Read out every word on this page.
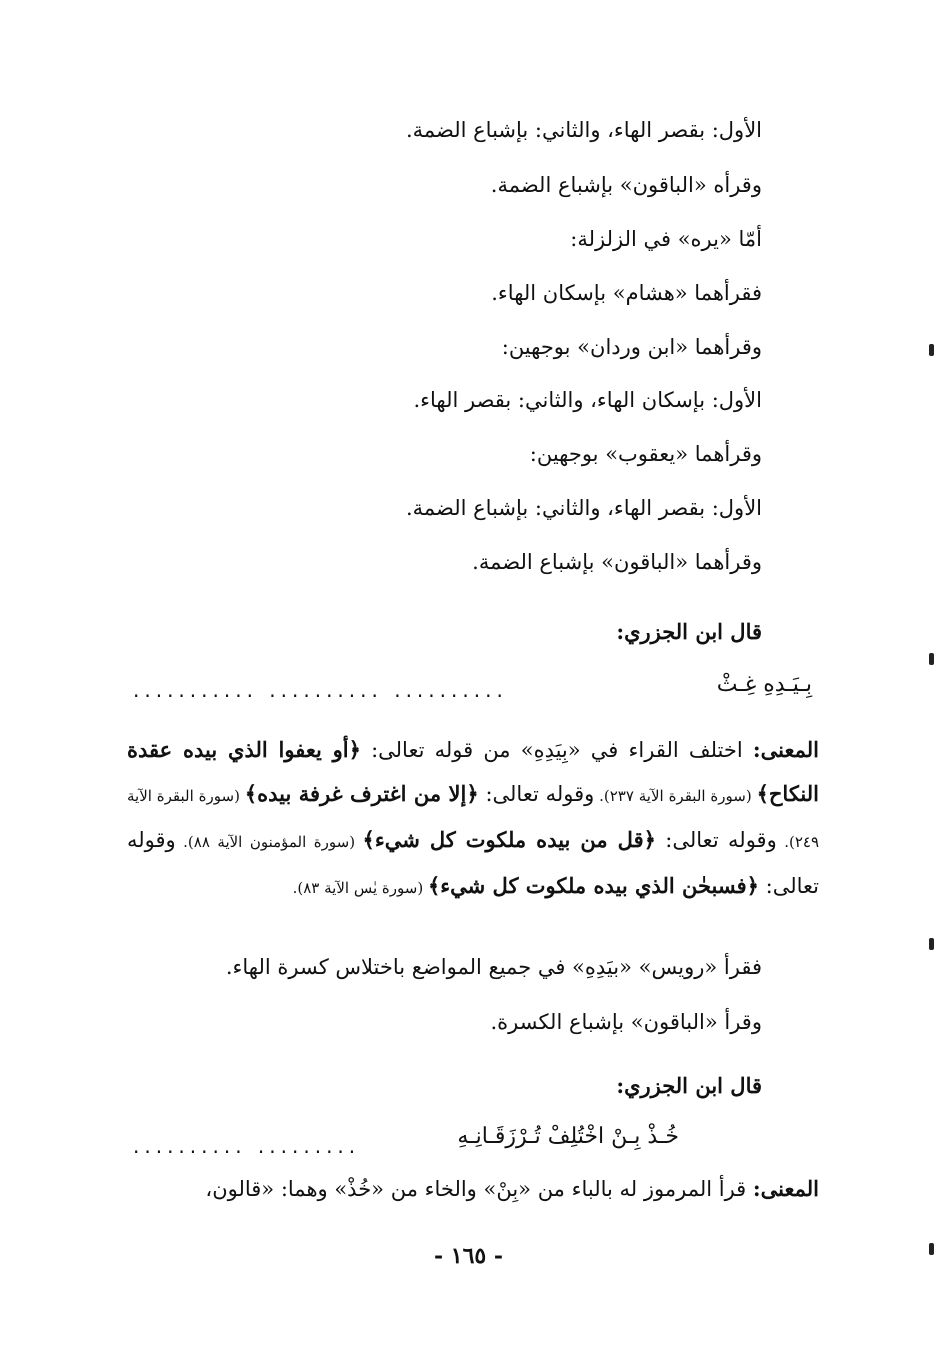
الأول: بقصر الهاء، والثاني: بإشباع الضمة.
وقرأه «الباقون» بإشباع الضمة.
أمّا «يره» في الزلزلة:
فقرأهما «هشام» بإسكان الهاء.
وقرأهما «ابن وردان» بوجهين:
الأول: بإسكان الهاء، والثاني: بقصر الهاء.
وقرأهما «يعقوب» بوجهين:
الأول: بقصر الهاء، والثاني: بإشباع الضمة.
وقرأهما «الباقون» بإشباع الضمة.
قال ابن الجزري:
بِـيَـدِهِ غِـثْ
........... .......... ..........
المعنى: اختلف القراء في «بِيَدِهِ» من قوله تعالى: ﴿أو يعفوا الذي بيده عقدة النكاح﴾ (سورة البقرة الآية ٢٣٧). وقوله تعالى: ﴿إلا من اغترف غرفة بيده﴾ (سورة البقرة الآية ٢٤٩). وقوله تعالى: ﴿قل من بيده ملكوت كل شيء﴾ (سورة المؤمنون الآية ٨٨). وقوله تعالى: ﴿فسبحٰن الذي بيده ملكوت كل شيء﴾ (سورة يٰس الآية ٨٣).
فقرأ «رويس» «بيَدِهِ» في جميع المواضع باختلاس كسرة الهاء.
وقرأ «الباقون» بإشباع الكسرة.
قال ابن الجزري:
خُـذْ بِـنْ اخْتُلِفْ تُـرْزَقَـانِـهِ
.......... .........
المعنى: قرأ المرموز له بالباء من «بِنْ» والخاء من «خُذْ» وهما: «قالون،
- ١٦٥ -
